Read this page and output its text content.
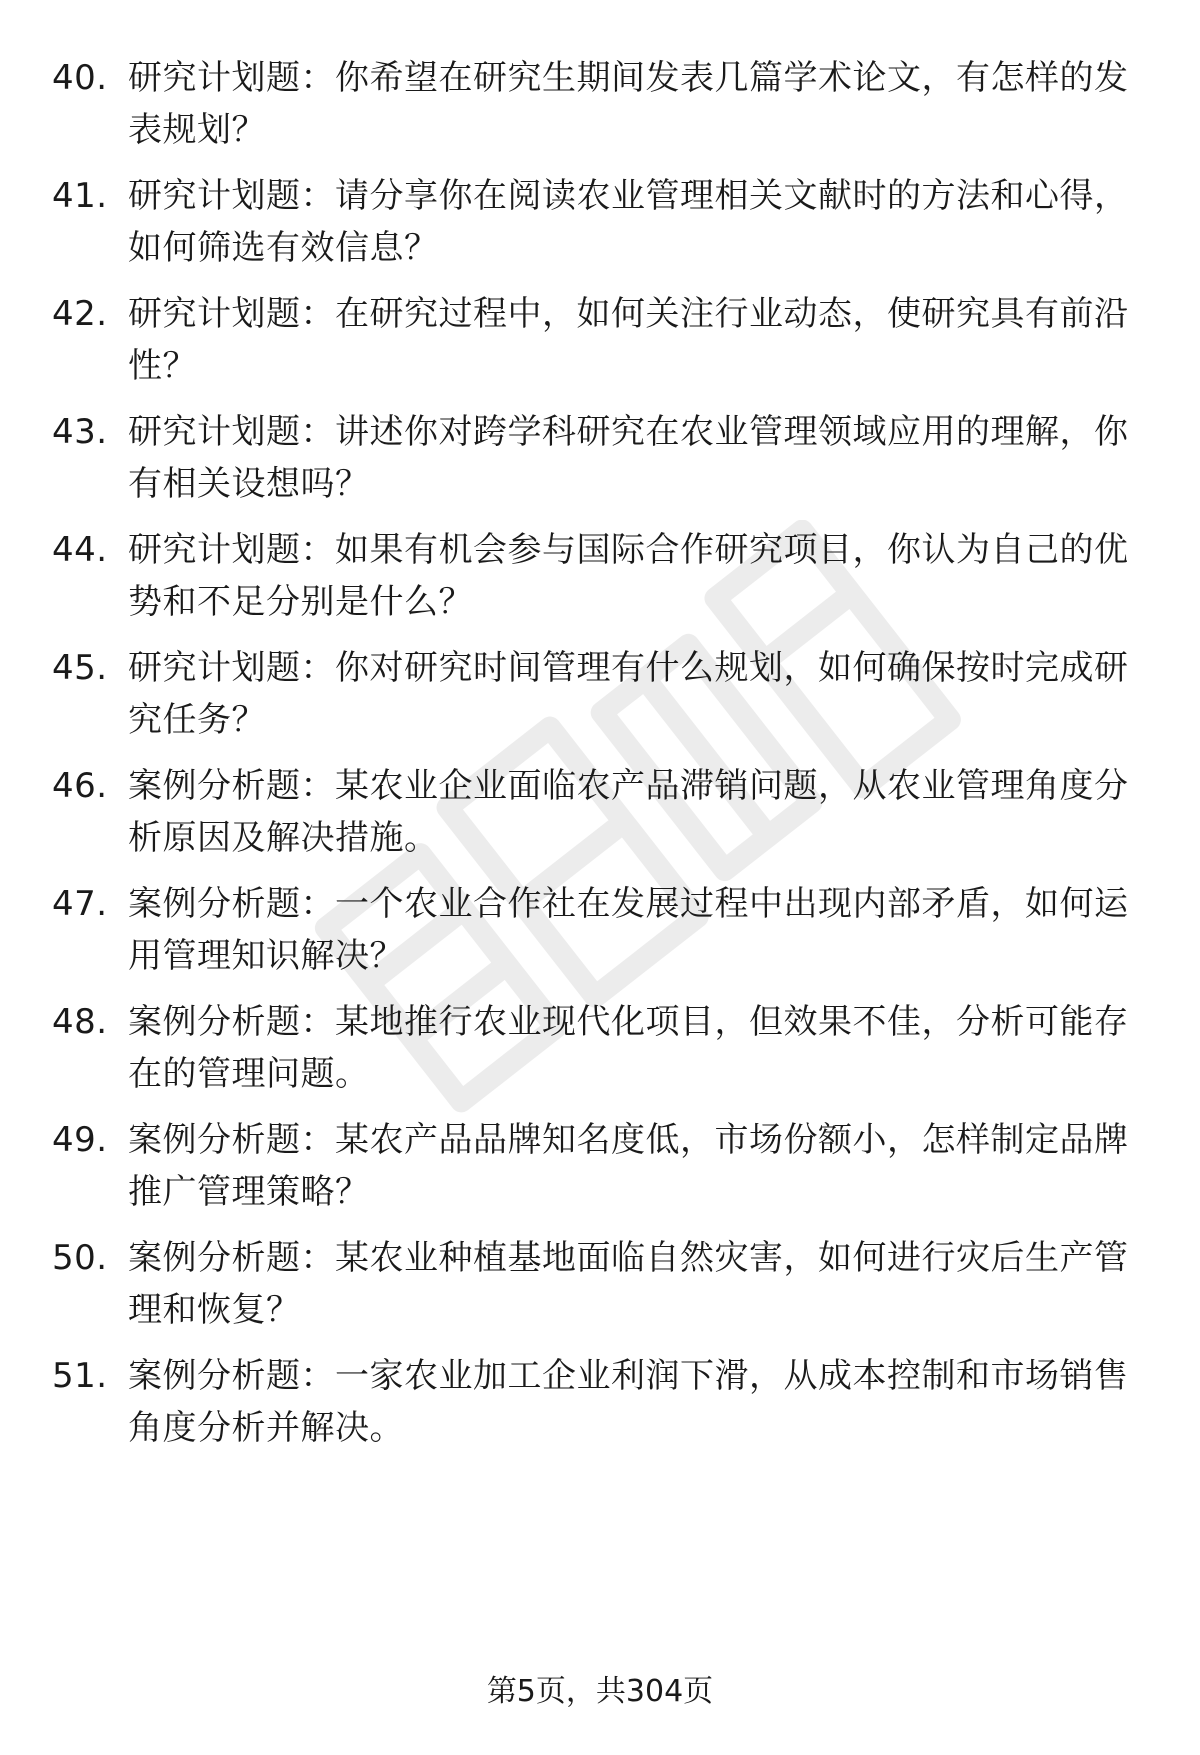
40. 研究计划题：你希望在研究生期间发表几篇学术论文，有怎样的发表规划？
41. 研究计划题：请分享你在阅读农业管理相关文献时的方法和心得，如何筛选有效信息？
42. 研究计划题：在研究过程中，如何关注行业动态，使研究具有前沿性？
43. 研究计划题：讲述你对跨学科研究在农业管理领域应用的理解，你有相关设想吗？
44. 研究计划题：如果有机会参与国际合作研究项目，你认为自己的优势和不足分别是什么？
45. 研究计划题：你对研究时间管理有什么规划，如何确保按时完成研究任务？
46. 案例分析题：某农业企业面临农产品滞销问题，从农业管理角度分析原因及解决措施。
47. 案例分析题：一个农业合作社在发展过程中出现内部矛盾，如何运用管理知识解决？
48. 案例分析题：某地推行农业现代化项目，但效果不佳，分析可能存在的管理问题。
49. 案例分析题：某农产品品牌知名度低，市场份额小，怎样制定品牌推广管理策略？
50. 案例分析题：某农业种植基地面临自然灾害，如何进行灾后生产管理和恢复？
51. 案例分析题：一家农业加工企业利润下滑，从成本控制和市场销售角度分析并解决。
第5页，共304页
